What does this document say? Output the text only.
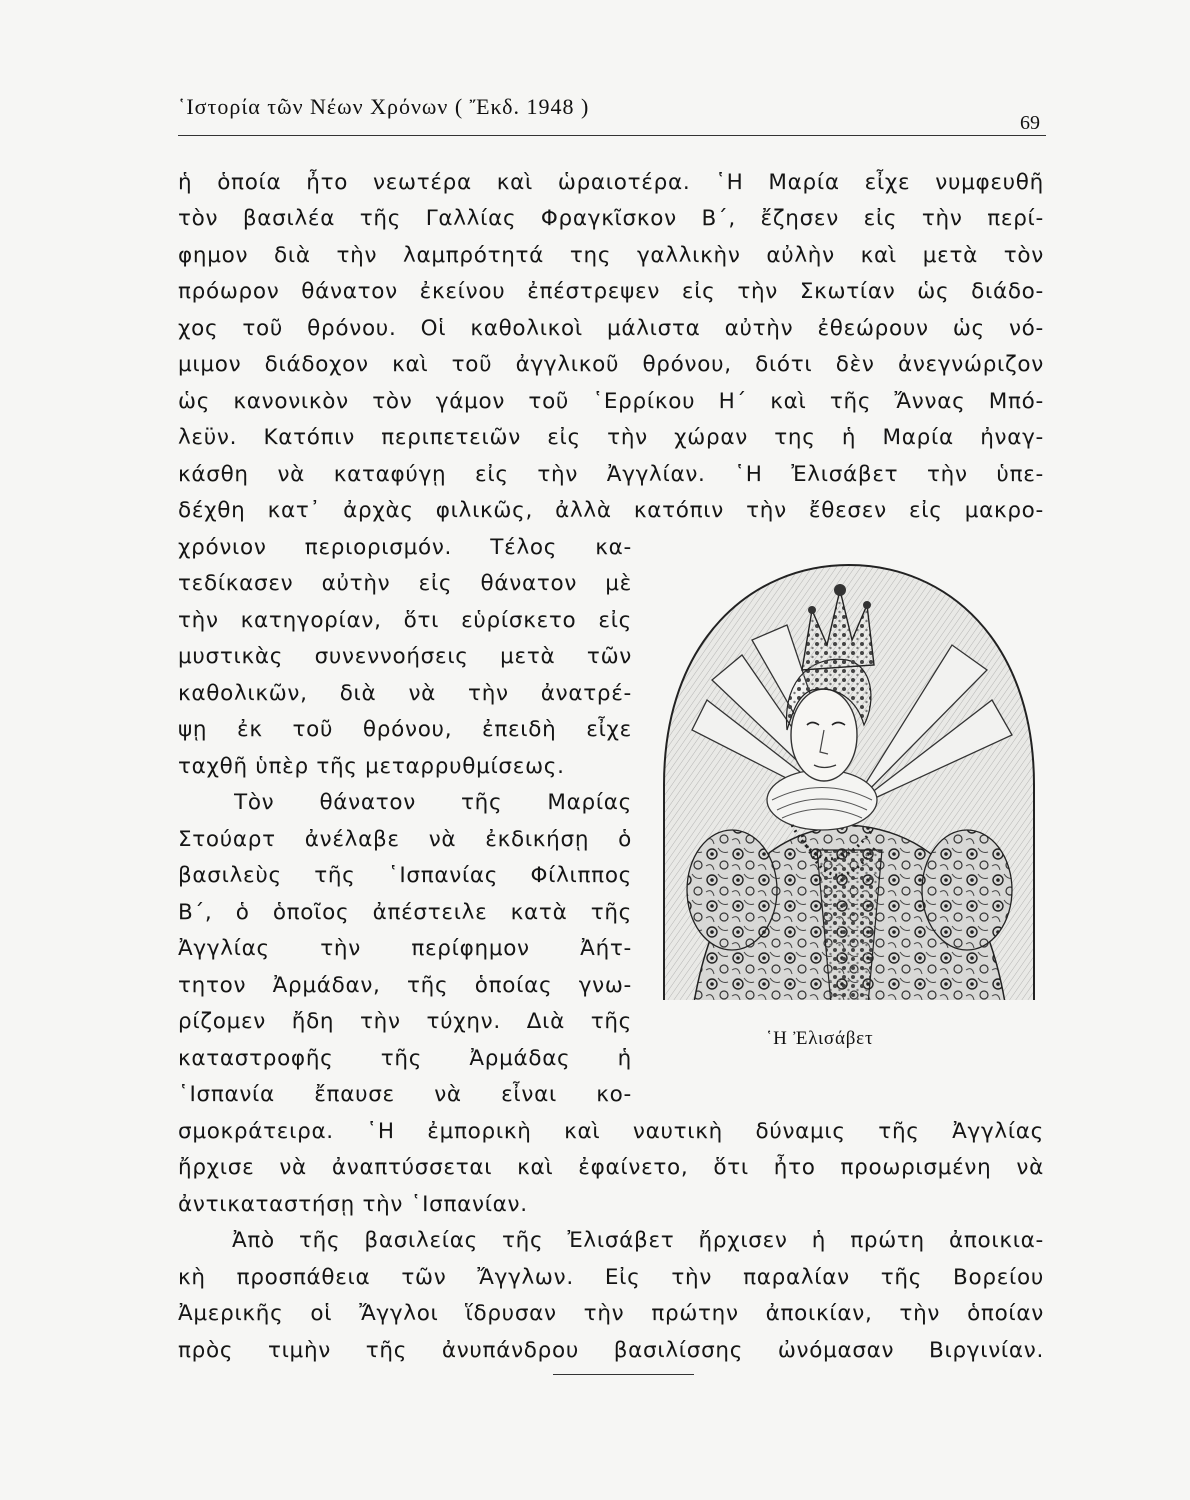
῾Ιστορία τῶν Νέων Χρόνων ( Ἔκδ. 1948 )
69
ἡ ὁποία ἦτο νεωτέρα καὶ ὡραιοτέρα. ῾Η Μαρία εἶχε νυμφευθῆ
τὸν βασιλέα τῆς Γαλλίας Φραγκῖσκον Β΄, ἔζησεν εἰς τὴν περί-
φημον διὰ τὴν λαμπρότητά της γαλλικὴν αὐλὴν καὶ μετὰ τὸν
πρόωρον θάνατον ἐκείνου ἐπέστρεψεν εἰς τὴν Σκωτίαν ὡς διάδο-
χος τοῦ θρόνου. Οἱ καθολικοὶ μάλιστα αὐτὴν ἐθεώρουν ὡς νό-
μιμον διάδοχον καὶ τοῦ ἀγγλικοῦ θρόνου, διότι δὲν ἀνεγνώριζον
ὡς κανονικὸν τὸν γάμον τοῦ ῾Ερρίκου Η΄ καὶ τῆς Ἄννας Μπό-
λεϋν. Κατόπιν περιπετειῶν εἰς τὴν χώραν της ἡ Μαρία ἠναγ-
κάσθη νὰ καταφύγῃ εἰς τὴν Ἀγγλίαν. ῾Η Ἐλισάβετ τὴν ὑπε-
δέχθη κατ᾽ ἀρχὰς φιλικῶς, ἀλλὰ κατόπιν τὴν ἔθεσεν εἰς μακρο-
χρόνιον περιορισμόν. Τέλος κα-
τεδίκασεν αὐτὴν εἰς θάνατον μὲ
τὴν κατηγορίαν, ὅτι εὑρίσκετο εἰς
μυστικὰς συνεννοήσεις μετὰ τῶν
καθολικῶν, διὰ νὰ τὴν ἀνατρέ-
ψῃ ἐκ τοῦ θρόνου, ἐπειδὴ εἶχε
ταχθῆ ὑπὲρ τῆς μεταρρυθμίσεως.
Τὸν θάνατον τῆς Μαρίας
Στούαρτ ἀνέλαβε νὰ ἐκδικήσῃ ὁ
βασιλεὺς τῆς ῾Ισπανίας Φίλιππος
Β΄, ὁ ὁποῖος ἀπέστειλε κατὰ τῆς
Ἀγγλίας τὴν περίφημον Ἀήτ-
τητον Ἀρμάδαν, τῆς ὁποίας γνω-
ρίζομεν ἤδη τὴν τύχην. Διὰ τῆς
καταστροφῆς τῆς Ἀρμάδας ἡ
῾Ισπανία ἔπαυσε νὰ εἶναι κο-
σμοκράτειρα. ῾Η ἐμπορικὴ καὶ ναυτικὴ δύναμις τῆς Ἀγγλίας
ἤρχισε νὰ ἀναπτύσσεται καὶ ἐφαίνετο, ὅτι ἦτο προωρισμένη νὰ
ἀντικαταστήσῃ τὴν ῾Ισπανίαν.
Ἀπὸ τῆς βασιλείας τῆς Ἐλισάβετ ἤρχισεν ἡ πρώτη ἀποικια-
κὴ προσπάθεια τῶν Ἄγγλων. Εἰς τὴν παραλίαν τῆς Βορείου
Ἀμερικῆς οἱ Ἄγγλοι ἵδρυσαν τὴν πρώτην ἀποικίαν, τὴν ὁποίαν
πρὸς τιμὴν τῆς ἀνυπάνδρου βασιλίσσης ὠνόμασαν Βιργινίαν.
῾Η Ἐλισάβετ
